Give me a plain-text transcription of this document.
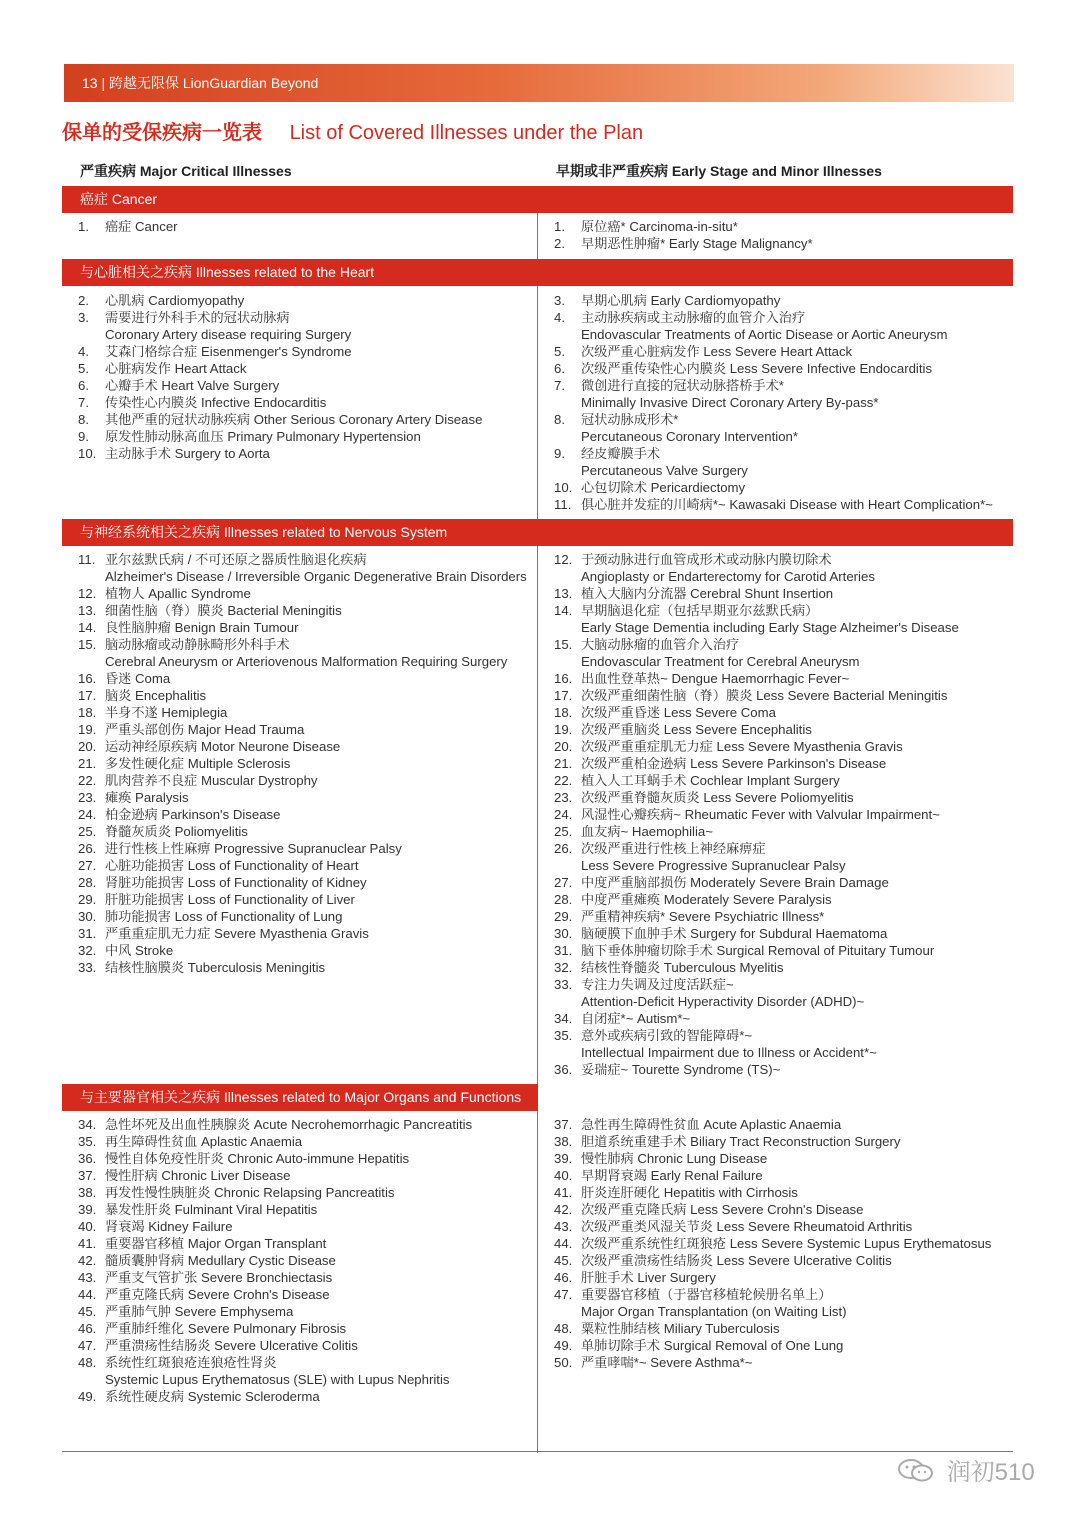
13 | 跨越无限保 LionGuardian Beyond
保单的受保疾病一览表 List of Covered Illnesses under the Plan
严重疾病 Major Critical Illnesses	早期或非严重疾病 Early Stage and Minor Illnesses
癌症 Cancer
1. 癌症 Cancer	1. 原位癌* Carcinoma-in-situ*
2. 早期恶性肿瘤* Early Stage Malignancy*
与心脏相关之疾病 Illnesses related to the Heart
2. 心肌病 Cardiomyopathy
3. 需要进行外科手术的冠状动脉病
Coronary Artery disease requiring Surgery
4. 艾森门格综合症 Eisenmenger's Syndrome
5. 心脏病发作 Heart Attack
6. 心瓣手术 Heart Valve Surgery
7. 传染性心内膜炎 Infective Endocarditis
8. 其他严重的冠状动脉疾病 Other Serious Coronary Artery Disease
9. 原发性肺动脉高血压 Primary Pulmonary Hypertension
10. 主动脉手术 Surgery to Aorta
3. 早期心肌病 Early Cardiomyopathy
4. 主动脉疾病或主动脉瘤的血管介入治疗
Endovascular Treatments of Aortic Disease or Aortic Aneurysm
5. 次级严重心脏病发作 Less Severe Heart Attack
6. 次级严重传染性心内膜炎 Less Severe Infective Endocarditis
7. 微创进行直接的冠状动脉搭桥手术*
Minimally Invasive Direct Coronary Artery By-pass*
8. 冠状动脉成形术*
Percutaneous Coronary Intervention*
9. 经皮瓣膜手术
Percutaneous Valve Surgery
10. 心包切除术 Pericardiectomy
11. 俱心脏并发症的川崎病*~ Kawasaki Disease with Heart Complication*~
与神经系统相关之疾病 Illnesses related to Nervous System
11. 亚尔兹默氏病 / 不可还原之器质性脑退化疾病
Alzheimer's Disease / Irreversible Organic Degenerative Brain Disorders
12. 植物人 Apallic Syndrome
13. 细菌性脑（脊）膜炎 Bacterial Meningitis
14. 良性脑肿瘤 Benign Brain Tumour
15. 脑动脉瘤或动静脉畸形外科手术
Cerebral Aneurysm or Arteriovenous Malformation Requiring Surgery
16. 昏迷 Coma
17. 脑炎 Encephalitis
18. 半身不遂 Hemiplegia
19. 严重头部创伤 Major Head Trauma
20. 运动神经原疾病 Motor Neurone Disease
21. 多发性硬化症 Multiple Sclerosis
22. 肌肉营养不良症 Muscular Dystrophy
23. 瘫痪 Paralysis
24. 柏金逊病 Parkinson's Disease
25. 脊髓灰质炎 Poliomyelitis
26. 进行性核上性麻痹 Progressive Supranuclear Palsy
27. 心脏功能损害 Loss of Functionality of Heart
28. 肾脏功能损害 Loss of Functionality of Kidney
29. 肝脏功能损害 Loss of Functionality of Liver
30. 肺功能损害 Loss of Functionality of Lung
31. 严重重症肌无力症 Severe Myasthenia Gravis
32. 中风 Stroke
33. 结核性脑膜炎 Tuberculosis Meningitis
12. 于颈动脉进行血管成形术或动脉内膜切除术
Angioplasty or Endarterectomy for Carotid Arteries
13. 植入大脑内分流器 Cerebral Shunt Insertion
14. 早期脑退化症（包括早期亚尔兹默氏病）
Early Stage Dementia including Early Stage Alzheimer's Disease
15. 大脑动脉瘤的血管介入治疗
Endovascular Treatment for Cerebral Aneurysm
16. 出血性登革热~ Dengue Haemorrhagic Fever~
17. 次级严重细菌性脑（脊）膜炎 Less Severe Bacterial Meningitis
18. 次级严重昏迷 Less Severe Coma
19. 次级严重脑炎 Less Severe Encephalitis
20. 次级严重重症肌无力症 Less Severe Myasthenia Gravis
21. 次级严重柏金逊病 Less Severe Parkinson's Disease
22. 植入人工耳蜗手术 Cochlear Implant Surgery
23. 次级严重脊髓灰质炎 Less Severe Poliomyelitis
24. 风湿性心瓣疾病~ Rheumatic Fever with Valvular Impairment~
25. 血友病~ Haemophilia~
26. 次级严重进行性核上神经麻痹症
Less Severe Progressive Supranuclear Palsy
27. 中度严重脑部损伤 Moderately Severe Brain Damage
28. 中度严重瘫痪 Moderately Severe Paralysis
29. 严重精神疾病* Severe Psychiatric Illness*
30. 脑硬膜下血肿手术 Surgery for Subdural Haematoma
31. 脑下垂体肿瘤切除手术 Surgical Removal of Pituitary Tumour
32. 结核性脊髓炎 Tuberculous Myelitis
33. 专注力失调及过度活跃症~
Attention-Deficit Hyperactivity Disorder (ADHD)~
34. 自闭症*~ Autism*~
35. 意外或疾病引致的智能障碍*~
Intellectual Impairment due to Illness or Accident*~
36. 妥瑞症~ Tourette Syndrome (TS)~
与主要器官相关之疾病 Illnesses related to Major Organs and Functions
34. 急性坏死及出血性胰腺炎 Acute Necrohemorrhagic Pancreatitis
35. 再生障碍性贫血 Aplastic Anaemia
36. 慢性自体免疫性肝炎 Chronic Auto-immune Hepatitis
37. 慢性肝病 Chronic Liver Disease
38. 再发性慢性胰脏炎 Chronic Relapsing Pancreatitis
39. 暴发性肝炎 Fulminant Viral Hepatitis
40. 肾衰竭 Kidney Failure
41. 重要器官移植 Major Organ Transplant
42. 髓质囊肿肾病 Medullary Cystic Disease
43. 严重支气管扩张 Severe Bronchiectasis
44. 严重克隆氏病 Severe Crohn's Disease
45. 严重肺气肿 Severe Emphysema
46. 严重肺纤维化 Severe Pulmonary Fibrosis
47. 严重溃疡性结肠炎 Severe Ulcerative Colitis
48. 系统性红斑狼疮连狼疮性肾炎
Systemic Lupus Erythematosus (SLE) with Lupus Nephritis
49. 系统性硬皮病 Systemic Scleroderma
37. 急性再生障碍性贫血 Acute Aplastic Anaemia
38. 胆道系统重建手术 Biliary Tract Reconstruction Surgery
39. 慢性肺病 Chronic Lung Disease
40. 早期肾衰竭 Early Renal Failure
41. 肝炎连肝硬化 Hepatitis with Cirrhosis
42. 次级严重克隆氏病 Less Severe Crohn's Disease
43. 次级严重类风湿关节炎 Less Severe Rheumatoid Arthritis
44. 次级严重系统性红斑狼疮 Less Severe Systemic Lupus Erythematosus
45. 次级严重溃疡性结肠炎 Less Severe Ulcerative Colitis
46. 肝脏手术 Liver Surgery
47. 重要器官移植（于器官移植轮候册名单上）
Major Organ Transplantation (on Waiting List)
48. 粟粒性肺结核 Miliary Tuberculosis
49. 单肺切除手术 Surgical Removal of One Lung
50. 严重哮喘*~ Severe Asthma*~
润初510
